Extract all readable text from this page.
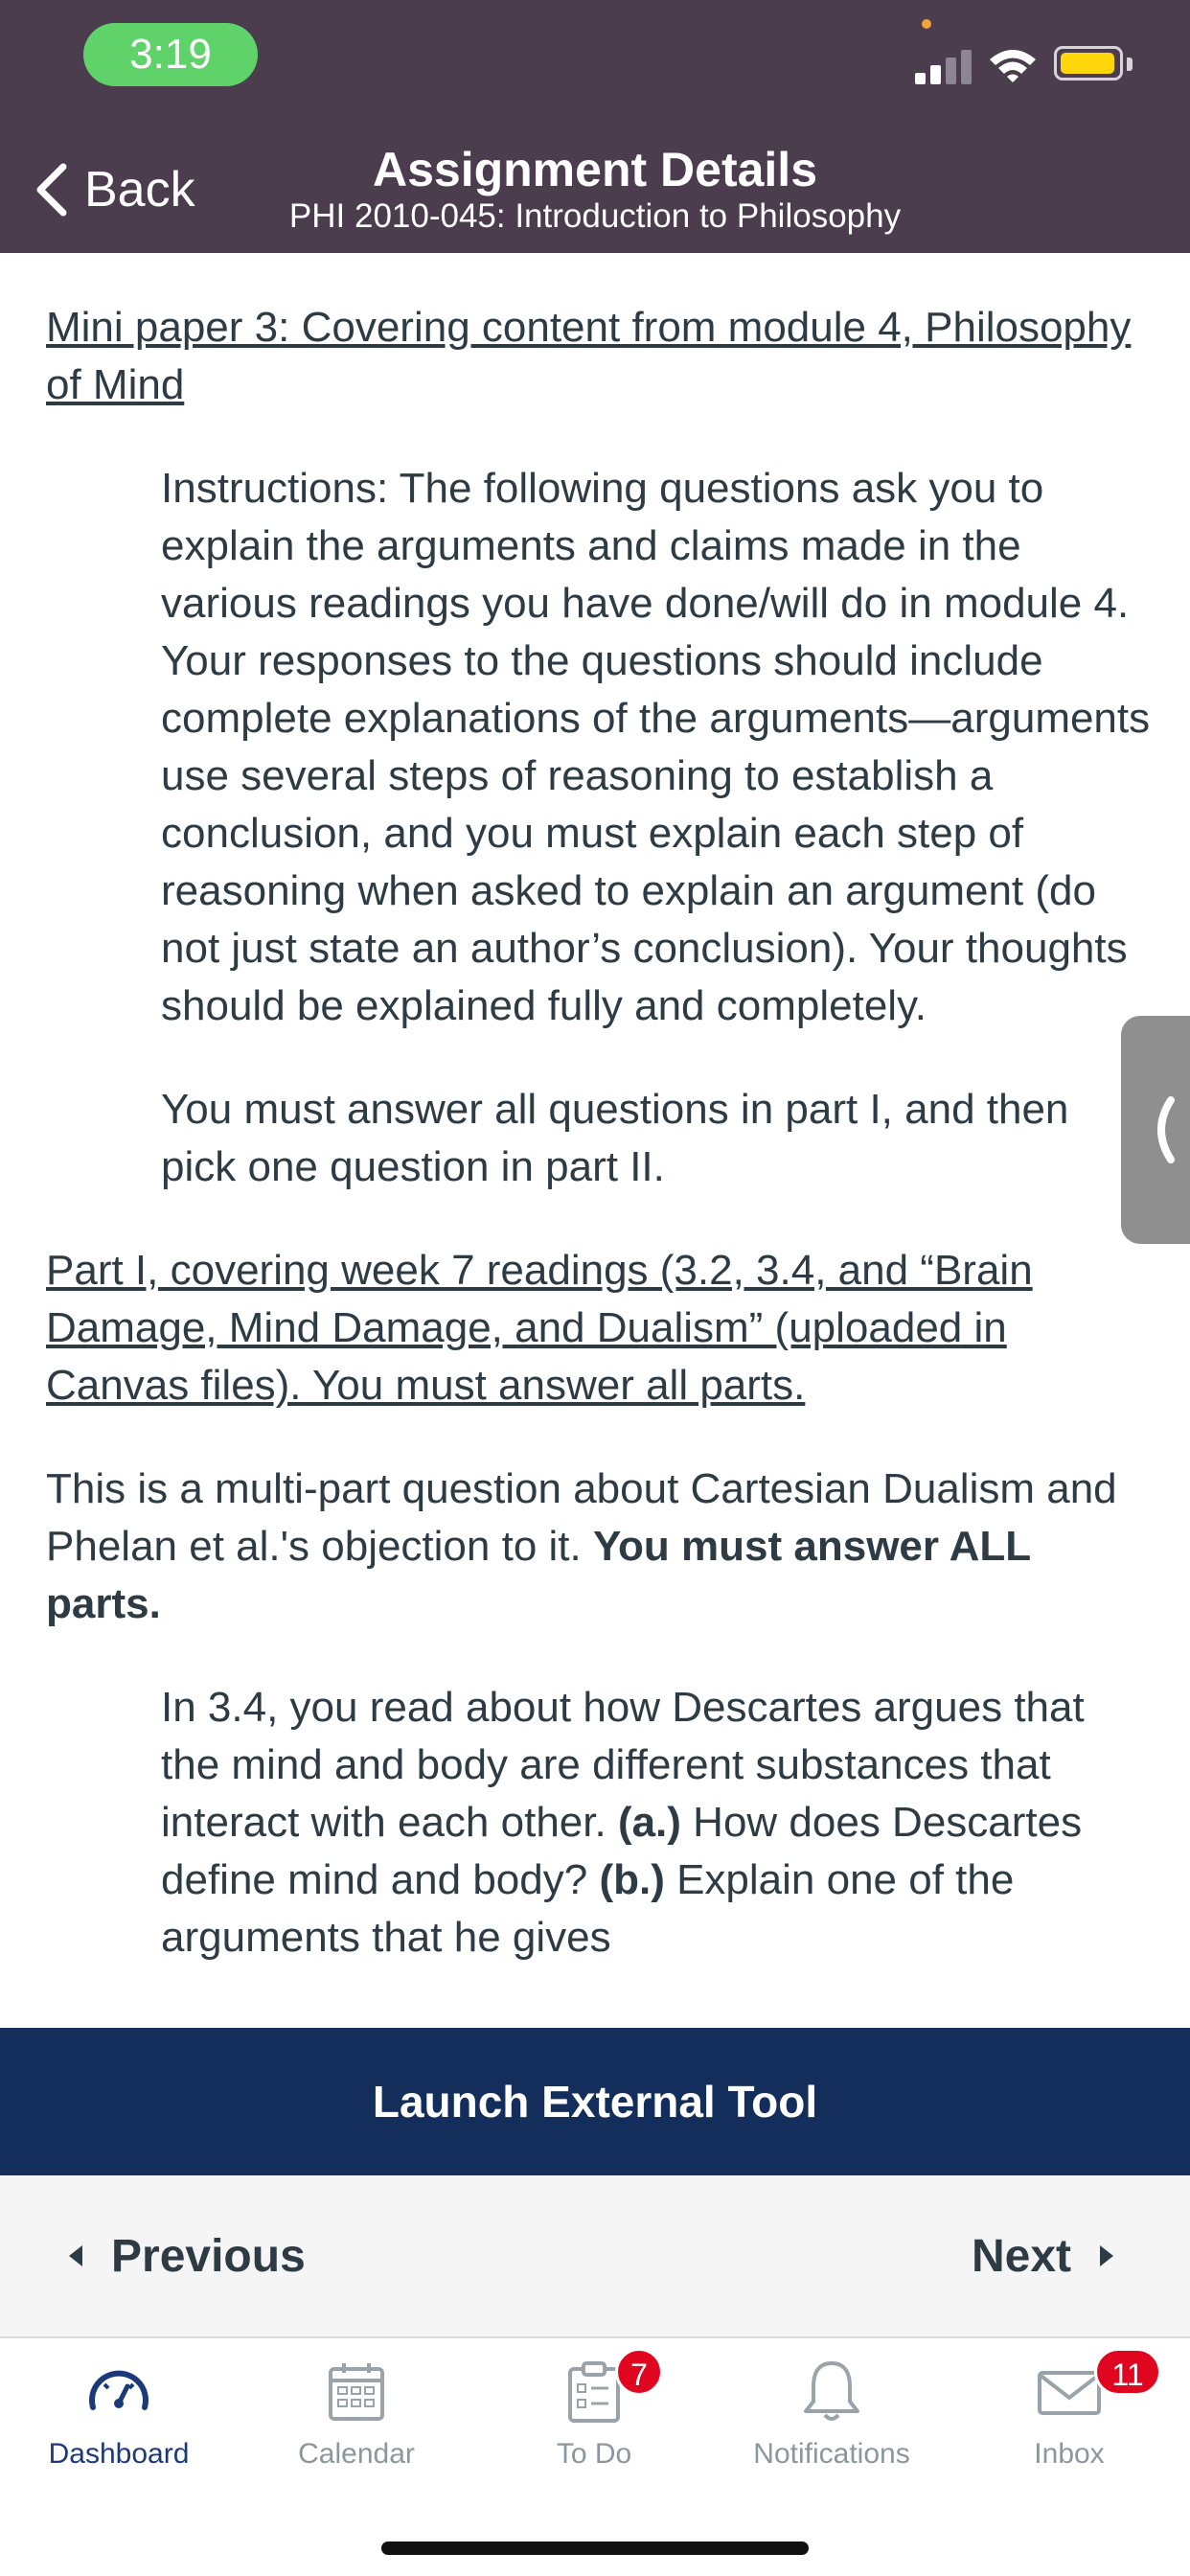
3:19
Back	Assignment Details
PHI 2010-045: Introduction to Philosophy

Mini paper 3: Covering content from module 4, Philosophy of Mind

Instructions: The following questions ask you to explain the arguments and claims made in the various readings you have done/will do in module 4. Your responses to the questions should include complete explanations of the arguments—arguments use several steps of reasoning to establish a conclusion, and you must explain each step of reasoning when asked to explain an argument (do not just state an author’s conclusion). Your thoughts should be explained fully and completely.

You must answer all questions in part I, and then pick one question in part II.

Part I, covering week 7 readings (3.2, 3.4, and “Brain Damage, Mind Damage, and Dualism” (uploaded in Canvas files). You must answer all parts.

This is a multi-part question about Cartesian Dualism and Phelan et al.'s objection to it. You must answer ALL parts.

In 3.4, you read about how Descartes argues that the mind and body are different substances that interact with each other. (a.) How does Descartes define mind and body? (b.) Explain one of the arguments that he gives

Launch External Tool
Previous	Next
Dashboard	Calendar
7
To Do	Notifications
11
Inbox
